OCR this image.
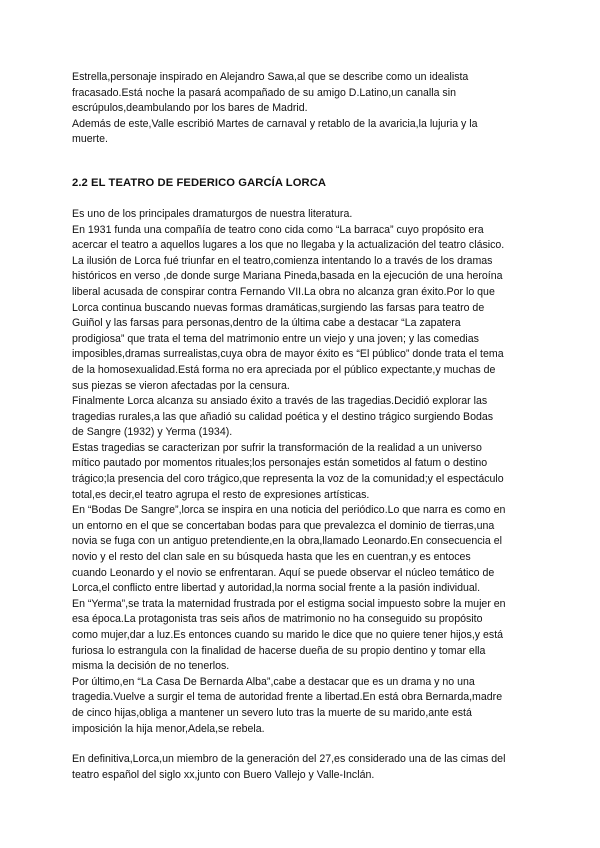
Estrella,personaje inspirado en Alejandro Sawa,al que se describe como un idealista
fracasado.Está noche la pasará acompañado de su amigo D.Latino,un canalla sin
escrúpulos,deambulando por los bares de Madrid.
Además de este,Valle escribió Martes de carnaval y retablo de la avaricia,la lujuria y la
muerte.

2.2 EL TEATRO DE FEDERICO GARCÍA LORCA

Es uno de los principales dramaturgos de nuestra literatura.
En 1931 funda una compañía de teatro cono cida como “La barraca” cuyo propósito era
acercar el teatro a aquellos lugares a los que no llegaba y la actualización del teatro clásico.
La ilusión de Lorca fué triunfar en el teatro,comienza intentando lo a través de los dramas
históricos en verso ,de donde surge Mariana Pineda,basada en la ejecución de una heroína
liberal acusada de conspirar contra Fernando VII.La obra no alcanza gran éxito.Por lo que
Lorca continua buscando nuevas formas dramáticas,surgiendo las farsas para teatro de
Guiñol y las farsas para personas,dentro de la última cabe a destacar “La zapatera
prodigiosa” que trata el tema del matrimonio entre un viejo y una joven; y las comedias
imposibles,dramas surrealistas,cuya obra de mayor éxito es “El público” donde trata el tema
de la homosexualidad.Está forma no era apreciada por el público expectante,y muchas de
sus piezas se vieron afectadas por la censura.
Finalmente Lorca alcanza su ansiado éxito a través de las tragedias.Decidió explorar las
tragedias rurales,a las que añadió su calidad poética y el destino trágico surgiendo Bodas
de Sangre (1932) y Yerma (1934).
Estas tragedias se caracterizan por sufrir la transformación de la realidad a un universo
mítico pautado por momentos rituales;los personajes están sometidos al fatum o destino
trágico;la presencia del coro trágico,que representa la voz de la comunidad;y el espectáculo
total,es decir,el teatro agrupa el resto de expresiones artísticas.
En “Bodas De Sangre”,lorca se inspira en una noticia del periódico.Lo que narra es como en
un entorno en el que se concertaban bodas para que prevalezca el dominio de tierras,una
novia se fuga con un antiguo pretendiente,en la obra,llamado Leonardo.En consecuencia el
novio y el resto del clan sale en su búsqueda hasta que les en cuentran,y es entoces
cuando Leonardo y el novio se enfrentaran. Aquí se puede observar el núcleo temático de
Lorca,el conflicto entre libertad y autoridad,la norma social frente a la pasión individual.
En “Yerma”,se trata la maternidad frustrada por el estigma social impuesto sobre la mujer en
esa época.La protagonista tras seis años de matrimonio no ha conseguido su propósito
como mujer,dar a luz.Es entonces cuando su marido le dice que no quiere tener hijos,y está
furiosa lo estrangula con la finalidad de hacerse dueña de su propio dentino y tomar ella
misma la decisión de no tenerlos.
Por último,en “La Casa De Bernarda Alba”,cabe a destacar que es un drama y no una
tragedia.Vuelve a surgir el tema de autoridad frente a libertad.En está obra Bernarda,madre
de cinco hijas,obliga a mantener un severo luto tras la muerte de su marido,ante está
imposición la hija menor,Adela,se rebela.

En definitiva,Lorca,un miembro de la generación del 27,es considerado una de las cimas del
teatro español del siglo xx,junto con Buero Vallejo y Valle-Inclán.
